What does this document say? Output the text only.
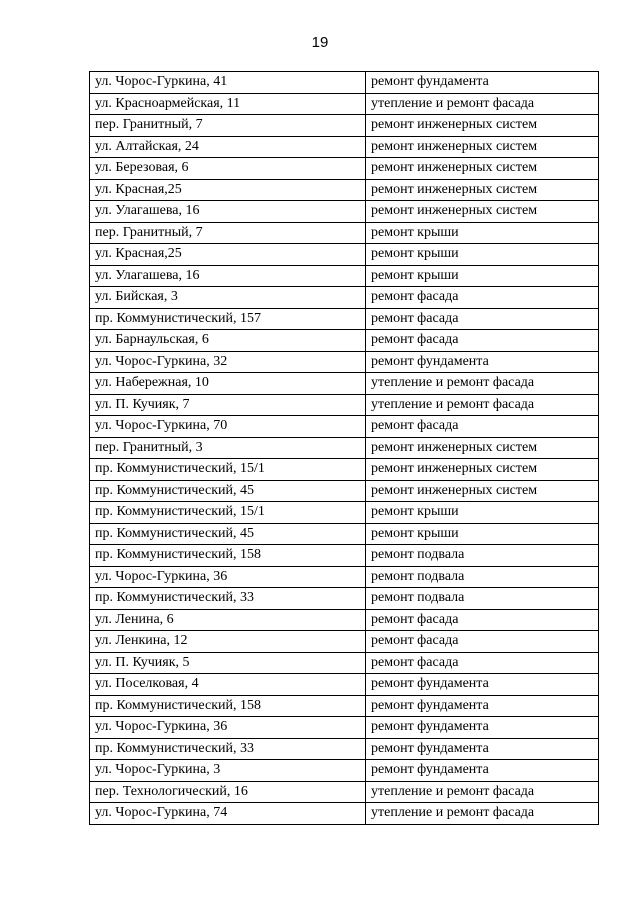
19
ул. Чорос-Гуркина, 41	ремонт фундамента
ул. Красноармейская, 11	утепление и ремонт фасада
пер. Гранитный, 7	ремонт инженерных систем
ул. Алтайская, 24	ремонт инженерных систем
ул. Березовая, 6	ремонт инженерных систем
ул. Красная,25	ремонт инженерных систем
ул. Улагашева, 16	ремонт инженерных систем
пер. Гранитный, 7	ремонт крыши
ул. Красная,25	ремонт крыши
ул. Улагашева, 16	ремонт крыши
ул. Бийская, 3	ремонт фасада
пр. Коммунистический, 157	ремонт фасада
ул. Барнаульская, 6	ремонт фасада
ул. Чорос-Гуркина, 32	ремонт фундамента
ул. Набережная, 10	утепление и ремонт фасада
ул. П. Кучияк, 7	утепление и ремонт фасада
ул. Чорос-Гуркина, 70	ремонт фасада
пер. Гранитный, 3	ремонт инженерных систем
пр. Коммунистический, 15/1	ремонт инженерных систем
пр. Коммунистический, 45	ремонт инженерных систем
пр. Коммунистический, 15/1	ремонт крыши
пр. Коммунистический, 45	ремонт крыши
пр. Коммунистический, 158	ремонт подвала
ул. Чорос-Гуркина, 36	ремонт подвала
пр. Коммунистический, 33	ремонт подвала
ул. Ленина, 6	ремонт фасада
ул. Ленкина, 12	ремонт фасада
ул. П. Кучияк, 5	ремонт фасада
ул. Поселковая, 4	ремонт фундамента
пр. Коммунистический, 158	ремонт фундамента
ул. Чорос-Гуркина, 36	ремонт фундамента
пр. Коммунистический, 33	ремонт фундамента
ул. Чорос-Гуркина, 3	ремонт фундамента
пер. Технологический, 16	утепление и ремонт фасада
ул. Чорос-Гуркина, 74	утепление и ремонт фасада
